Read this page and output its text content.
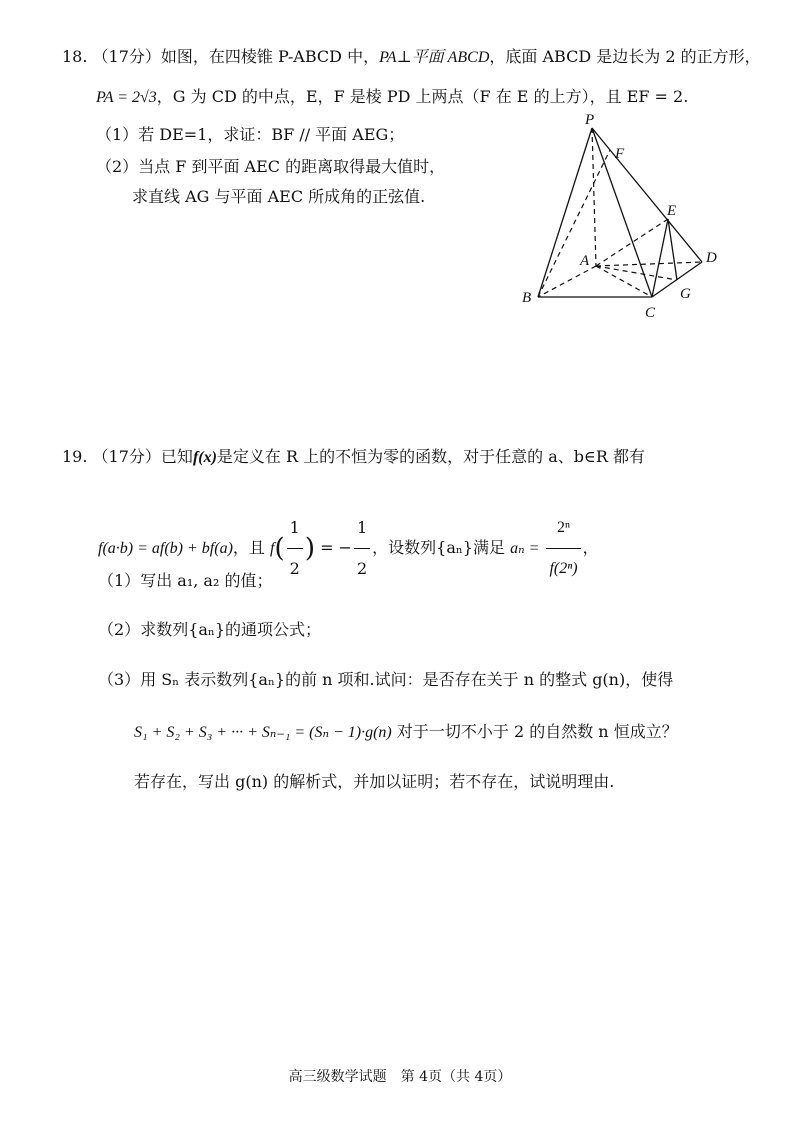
18. （17分）如图，在四棱锥 P-ABCD 中，PA⊥平面 ABCD，底面 ABCD 是边长为 2 的正方形，
PA = 2√3，G 为 CD 的中点，E，F 是棱 PD 上两点（F 在 E 的上方），且 EF = 2.
（1）若 DE=1，求证：BF // 平面 AEG；
（2）当点 F 到平面 AEC 的距离取得最大值时，
求直线 AG 与平面 AEC 所成角的正弦值.
P
F
E
A	D
B
C
G
19. （17分）已知f(x)是定义在 R 上的不恒为零的函数，对于任意的 a、b∈R 都有
f(a·b) = af(b) + bf(a)，且 $f( \frac{1}{2}$ ) = − $\frac{1}{2}$ ，设数列{aₙ}满足 $a_n = \frac{\text{2ⁿ}}{\text{f(2ⁿ)}}$ ，
（1）写出 a₁, a₂ 的值；
（2）求数列{aₙ}的通项公式；
（3）用 Sₙ 表示数列{aₙ}的前 n 项和.试问：是否存在关于 n 的整式 g(n)，使得
S₁ + S₂ + S₃ + ··· + Sₙ₋₁ = (Sₙ − 1)·g(n) 对于一切不小于 2 的自然数 n 恒成立？
若存在，写出 g(n) 的解析式，并加以证明；若不存在，试说明理由.
高三级数学试题　第 4页（共 4页）
